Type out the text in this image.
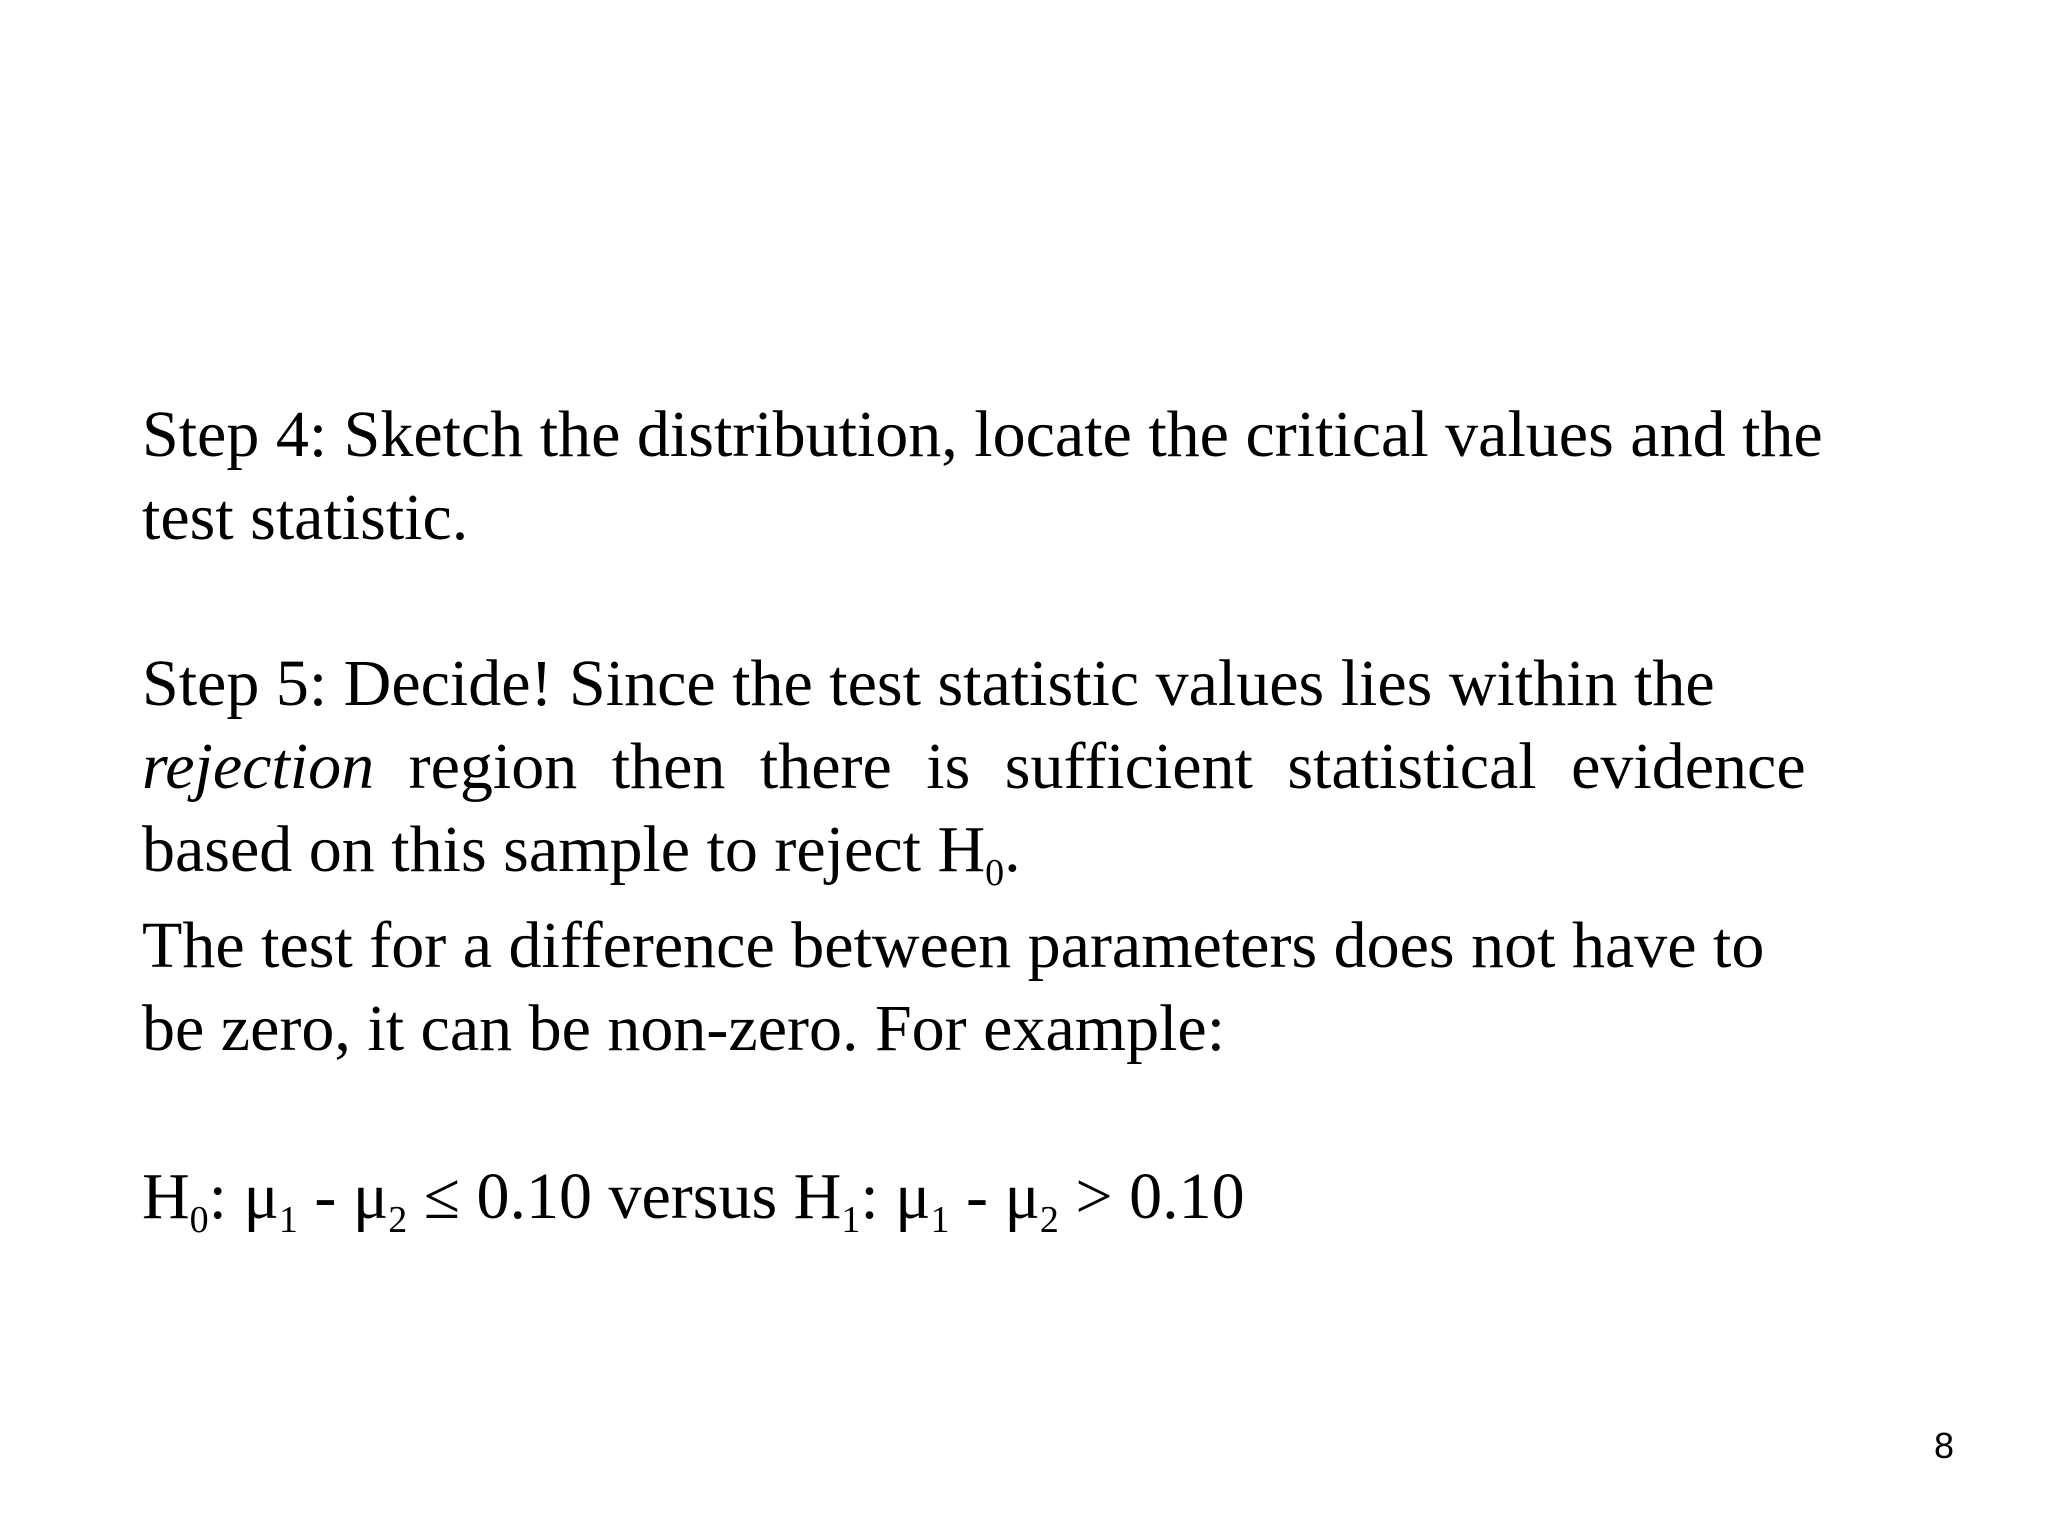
Step 4: Sketch the distribution, locate the critical values and the
test statistic.
Step 5: Decide! Since the test statistic values lies within the
rejection region then there is sufficient statistical evidence
based on this sample to reject $H_0$.
The test for a difference between parameters does not have to
be zero, it can be non-zero. For example:
$H_0$: $\mu_1 - \mu_2 \le 0.10$ versus $H_1$: $\mu_1 - \mu_2 > 0.10$
8
